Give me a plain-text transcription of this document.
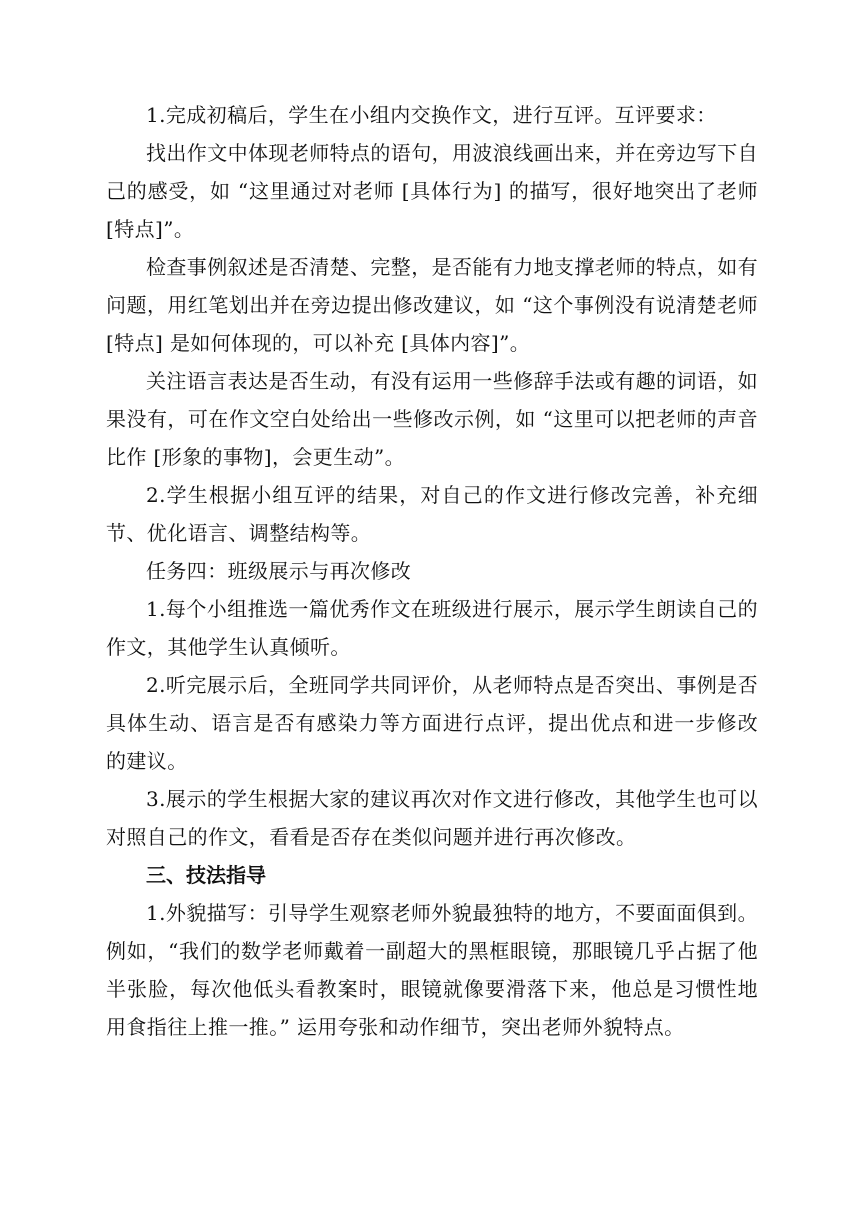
1.完成初稿后，学生在小组内交换作文，进行互评。互评要求：

找出作文中体现老师特点的语句，用波浪线画出来，并在旁边写下自己的感受，如 “这里通过对老师 [具体行为] 的描写，很好地突出了老师 [特点]”。

检查事例叙述是否清楚、完整，是否能有力地支撑老师的特点，如有问题，用红笔划出并在旁边提出修改建议，如 “这个事例没有说清楚老师 [特点] 是如何体现的，可以补充 [具体内容]”。

关注语言表达是否生动，有没有运用一些修辞手法或有趣的词语，如果没有，可在作文空白处给出一些修改示例，如 “这里可以把老师的声音比作 [形象的事物]，会更生动”。

2.学生根据小组互评的结果，对自己的作文进行修改完善，补充细节、优化语言、调整结构等。

任务四：班级展示与再次修改

1.每个小组推选一篇优秀作文在班级进行展示，展示学生朗读自己的作文，其他学生认真倾听。

2.听完展示后，全班同学共同评价，从老师特点是否突出、事例是否具体生动、语言是否有感染力等方面进行点评，提出优点和进一步修改的建议。

3.展示的学生根据大家的建议再次对作文进行修改，其他学生也可以对照自己的作文，看看是否存在类似问题并进行再次修改。

三、技法指导

1.外貌描写：引导学生观察老师外貌最独特的地方，不要面面俱到。例如，“我们的数学老师戴着一副超大的黑框眼镜，那眼镜几乎占据了他半张脸，每次他低头看教案时，眼镜就像要滑落下来，他总是习惯性地用食指往上推一推。” 运用夸张和动作细节，突出老师外貌特点。
